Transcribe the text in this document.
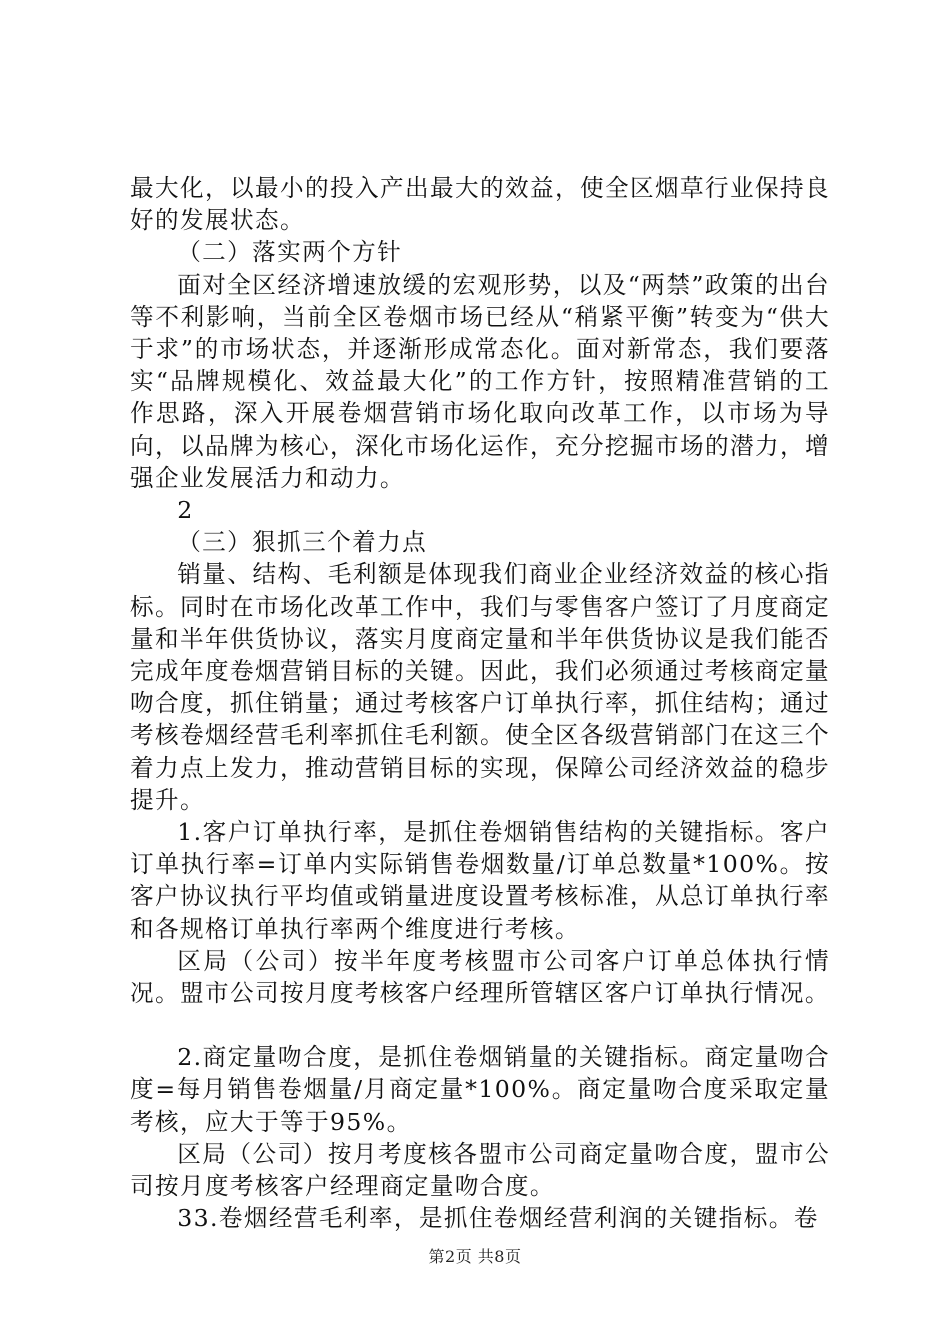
最大化，以最小的投入产出最大的效益，使全区烟草行业保持良好的发展状态。

（二）落实两个方针

面对全区经济增速放缓的宏观形势，以及“两禁”政策的出台等不利影响，当前全区卷烟市场已经从“稍紧平衡”转变为“供大于求”的市场状态，并逐渐形成常态化。面对新常态，我们要落实“品牌规模化、效益最大化”的工作方针，按照精准营销的工作思路，深入开展卷烟营销市场化取向改革工作，以市场为导向，以品牌为核心，深化市场化运作，充分挖掘市场的潜力，增强企业发展活力和动力。

2

（三）狠抓三个着力点

销量、结构、毛利额是体现我们商业企业经济效益的核心指标。同时在市场化改革工作中，我们与零售客户签订了月度商定量和半年供货协议，落实月度商定量和半年供货协议是我们能否完成年度卷烟营销目标的关键。因此，我们必须通过考核商定量吻合度，抓住销量；通过考核客户订单执行率，抓住结构；通过考核卷烟经营毛利率抓住毛利额。使全区各级营销部门在这三个着力点上发力，推动营销目标的实现，保障公司经济效益的稳步提升。

1.客户订单执行率，是抓住卷烟销售结构的关键指标。客户订单执行率=订单内实际销售卷烟数量/订单总数量*100%。按客户协议执行平均值或销量进度设置考核标准，从总订单执行率和各规格订单执行率两个维度进行考核。

区局（公司）按半年度考核盟市公司客户订单总体执行情况。盟市公司按月度考核客户经理所管辖区客户订单执行情况。

2.商定量吻合度，是抓住卷烟销量的关键指标。商定量吻合度=每月销售卷烟量/月商定量*100%。商定量吻合度采取定量考核，应大于等于95%。

区局（公司）按月考度核各盟市公司商定量吻合度，盟市公司按月度考核客户经理商定量吻合度。

33.卷烟经营毛利率，是抓住卷烟经营利润的关键指标。卷

第2页 共8页
